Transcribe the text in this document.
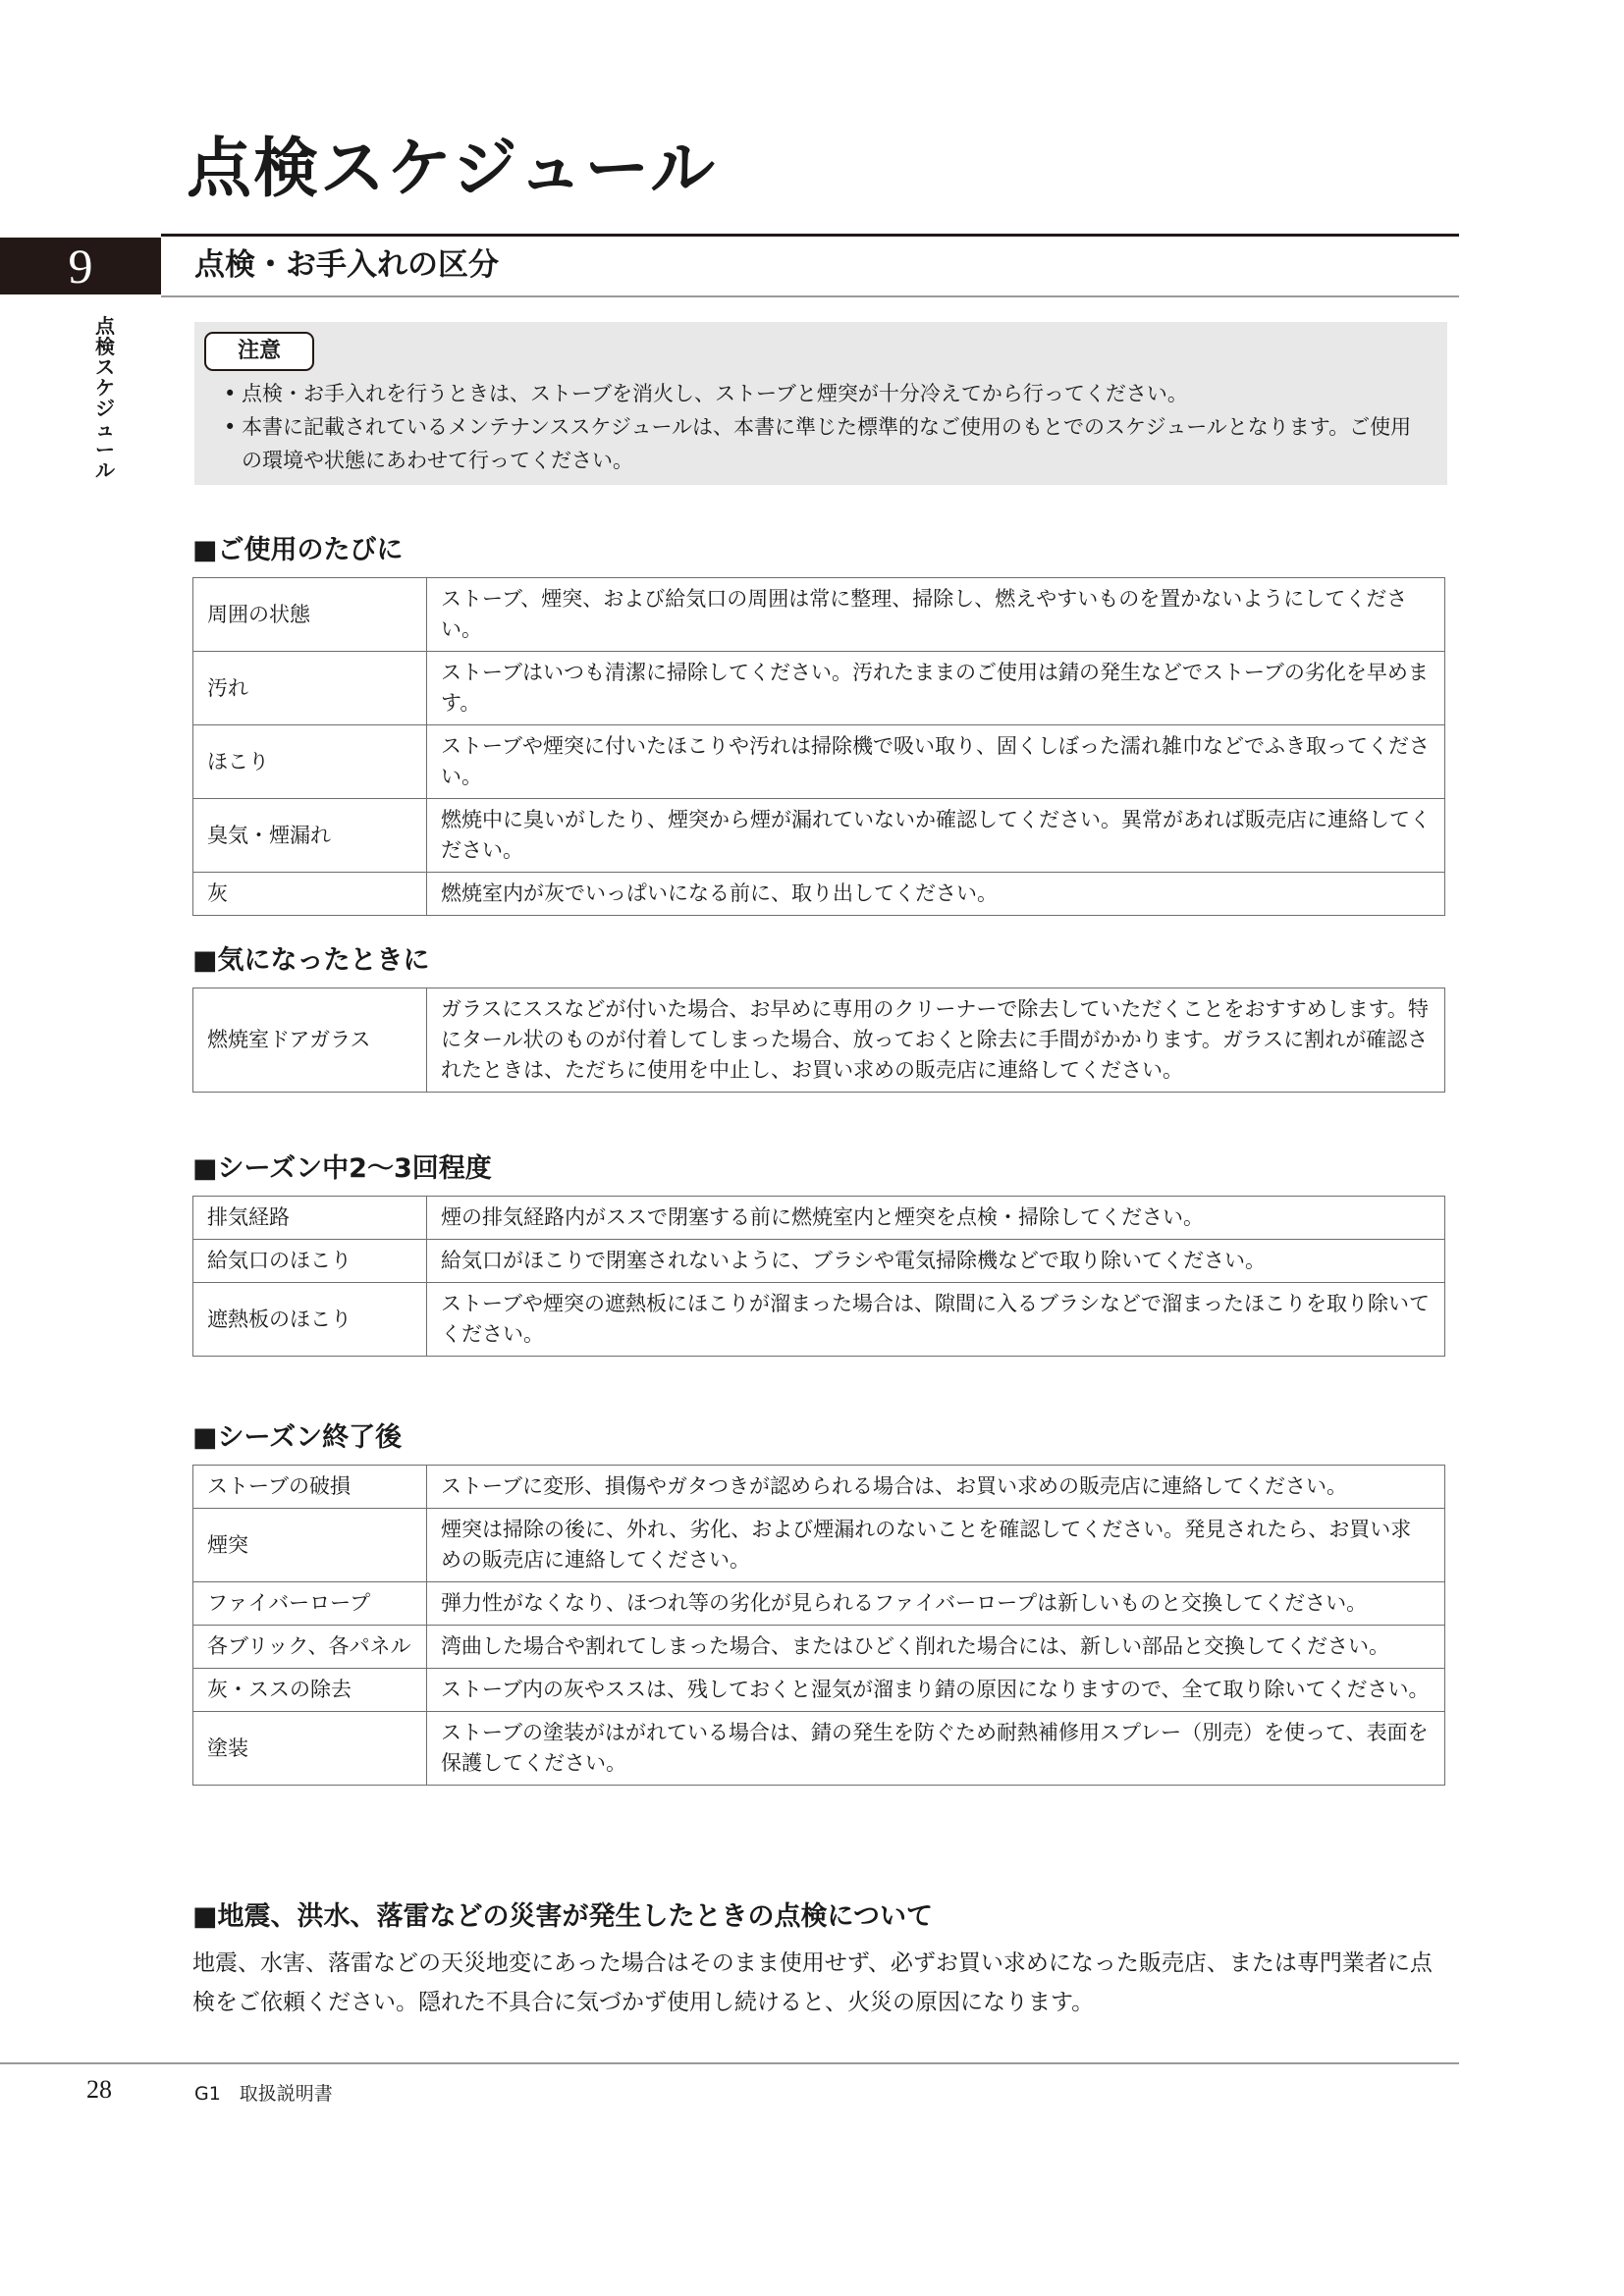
点検スケジュール
9	点検・お手入れの区分
点検スケジュール
注意
• 点検・お手入れを行うときは、ストーブを消火し、ストーブと煙突が十分冷えてから行ってください。
• 本書に記載されているメンテナンススケジュールは、本書に準じた標準的なご使用のもとでのスケジュールとなります。ご使用の環境や状態にあわせて行ってください。
■ご使用のたびに
周囲の状態	ストーブ、煙突、および給気口の周囲は常に整理、掃除し、燃えやすいものを置かないようにしてください。
汚れ	ストーブはいつも清潔に掃除してください。汚れたままのご使用は錆の発生などでストーブの劣化を早めます。
ほこり	ストーブや煙突に付いたほこりや汚れは掃除機で吸い取り、固くしぼった濡れ雑巾などでふき取ってください。
臭気・煙漏れ	燃焼中に臭いがしたり、煙突から煙が漏れていないか確認してください。異常があれば販売店に連絡してください。
灰	燃焼室内が灰でいっぱいになる前に、取り出してください。
■気になったときに
燃焼室ドアガラス	ガラスにススなどが付いた場合、お早めに専用のクリーナーで除去していただくことをおすすめします。特にタール状のものが付着してしまった場合、放っておくと除去に手間がかかります。ガラスに割れが確認されたときは、ただちに使用を中止し、お買い求めの販売店に連絡してください。
■シーズン中2〜3回程度
排気経路	煙の排気経路内がススで閉塞する前に燃焼室内と煙突を点検・掃除してください。
給気口のほこり	給気口がほこりで閉塞されないように、ブラシや電気掃除機などで取り除いてください。
遮熱板のほこり	ストーブや煙突の遮熱板にほこりが溜まった場合は、隙間に入るブラシなどで溜まったほこりを取り除いてください。
■シーズン終了後
ストーブの破損	ストーブに変形、損傷やガタつきが認められる場合は、お買い求めの販売店に連絡してください。
煙突	煙突は掃除の後に、外れ、劣化、および煙漏れのないことを確認してください。発見されたら、お買い求めの販売店に連絡してください。
ファイバーロープ	弾力性がなくなり、ほつれ等の劣化が見られるファイバーロープは新しいものと交換してください。
各ブリック、各パネル	湾曲した場合や割れてしまった場合、またはひどく削れた場合には、新しい部品と交換してください。
灰・ススの除去	ストーブ内の灰やススは、残しておくと湿気が溜まり錆の原因になりますので、全て取り除いてください。
塗装	ストーブの塗装がはがれている場合は、錆の発生を防ぐため耐熱補修用スプレー（別売）を使って、表面を保護してください。
■地震、洪水、落雷などの災害が発生したときの点検について
地震、水害、落雷などの天災地変にあった場合はそのまま使用せず、必ずお買い求めになった販売店、または専門業者に点検をご依頼ください。隠れた不具合に気づかず使用し続けると、火災の原因になります。
28	G1　取扱説明書
